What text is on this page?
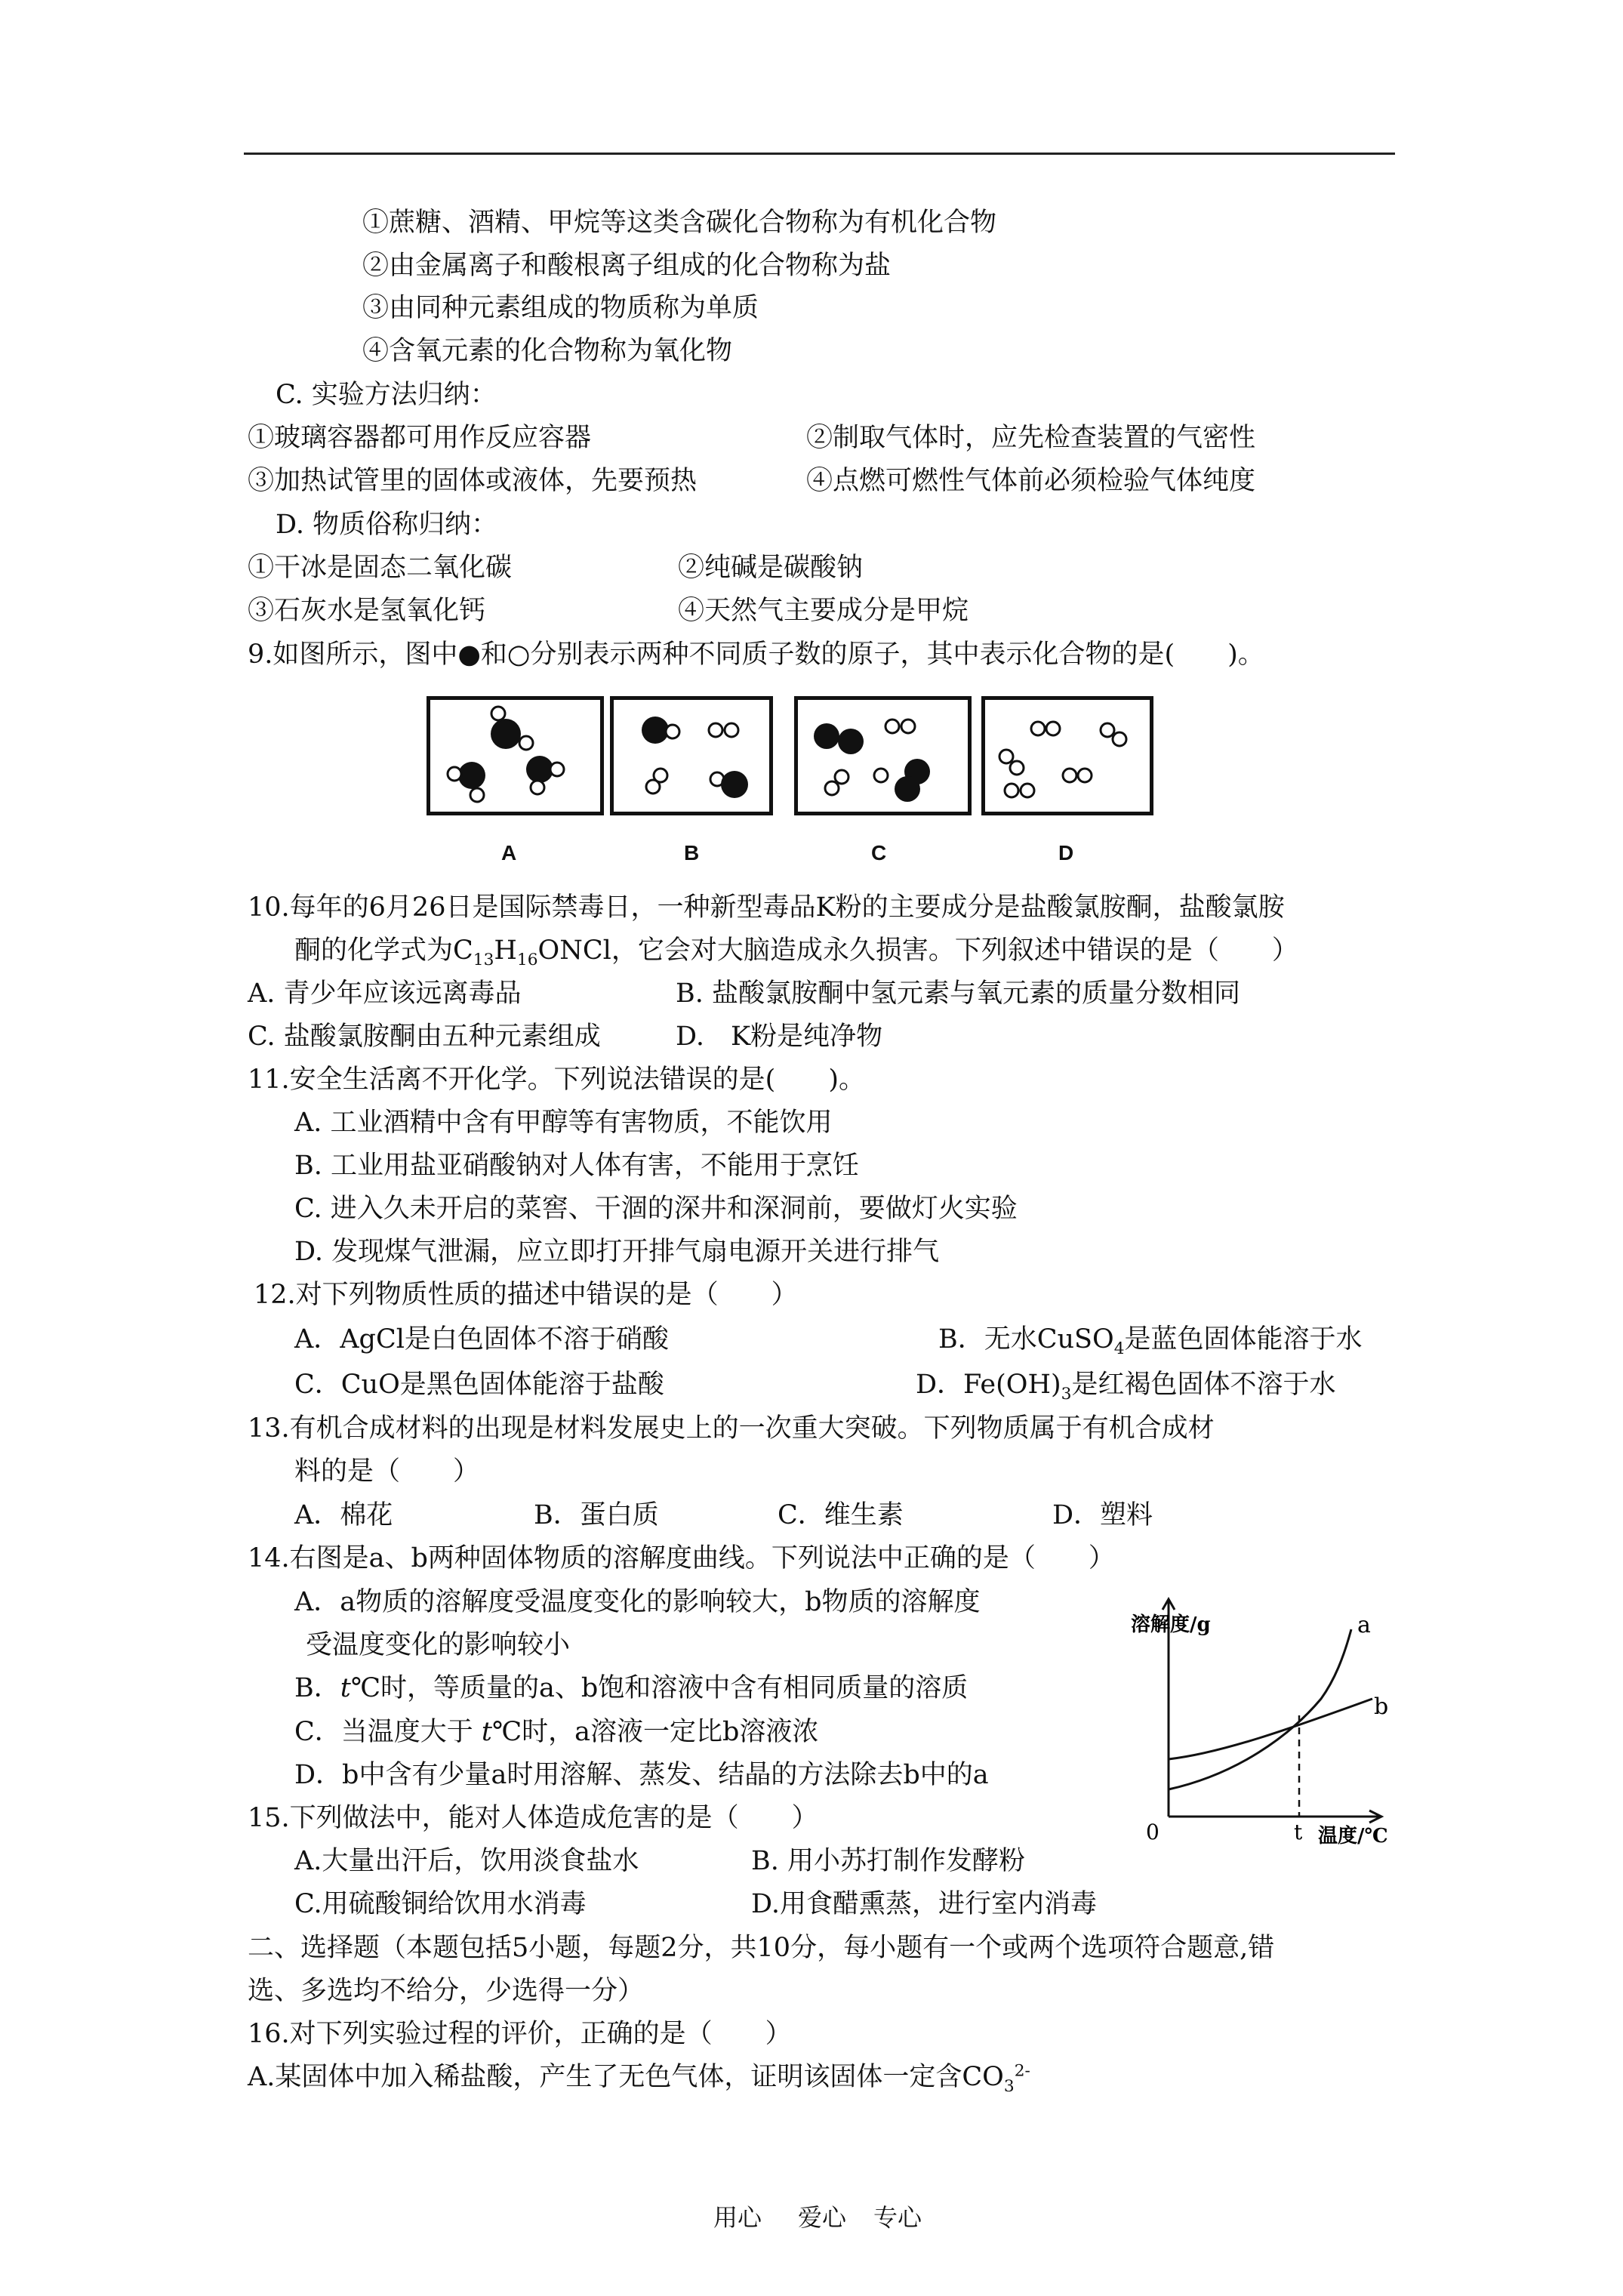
①蔗糖、酒精、甲烷等这类含碳化合物称为有机化合物
②由金属离子和酸根离子组成的化合物称为盐
③由同种元素组成的物质称为单质
④含氧元素的化合物称为氧化物
C. 实验方法归纳：
①玻璃容器都可用作反应容器	②制取气体时，应先检查装置的气密性
③加热试管里的固体或液体，先要预热	④点燃可燃性气体前必须检验气体纯度
D. 物质俗称归纳：
①干冰是固态二氧化碳	②纯碱是碳酸钠
③石灰水是氢氧化钙	④天然气主要成分是甲烷
9.如图所示，图中●和○分别表示两种不同质子数的原子，其中表示化合物的是(　　)。
A	B	C	D
10.每年的6月26日是国际禁毒日，一种新型毒品K粉的主要成分是盐酸氯胺酮，盐酸氯胺
酮的化学式为$C_{13}H_{16}ONCl$，它会对大脑造成永久损害。下列叙述中错误的是（　　）
A. 青少年应该远离毒品	B. 盐酸氯胺酮中氢元素与氧元素的质量分数相同
C. 盐酸氯胺酮由五种元素组成	D.　K粉是纯净物
11.安全生活离不开化学。下列说法错误的是(　　)。
A. 工业酒精中含有甲醇等有害物质，不能饮用
B. 工业用盐亚硝酸钠对人体有害，不能用于烹饪
C. 进入久未开启的菜窖、干涸的深井和深洞前，要做灯火实验
D. 发现煤气泄漏，应立即打开排气扇电源开关进行排气
12.对下列物质性质的描述中错误的是（　　）
A．AgCl是白色固体不溶于硝酸	B．无水CuSO$_4$是蓝色固体能溶于水
C．CuO是黑色固体能溶于盐酸	D．$Fe(OH)_3$是红褐色固体不溶于水
13.有机合成材料的出现是材料发展史上的一次重大突破。下列物质属于有机合成材
料的是（　　）
A．棉花	B．蛋白质	C．维生素	D．塑料
14.右图是a、b两种固体物质的溶解度曲线。下列说法中正确的是（　　）
A．a物质的溶解度受温度变化的影响较大，b物质的溶解度
受温度变化的影响较小
B．t℃时，等质量的a、b饱和溶液中含有相同质量的溶质
C．当温度大于 t℃时，a溶液一定比b溶液浓
D．b中含有少量a时用溶解、蒸发、结晶的方法除去b中的a
溶解度/g	a
b
0	t 温度/℃
15.下列做法中，能对人体造成危害的是（　　）
A.大量出汗后，饮用淡食盐水	B. 用小苏打制作发酵粉
C.用硫酸铜给饮用水消毒	D.用食醋熏蒸，进行室内消毒
二、选择题（本题包括5小题，每题2分，共10分，每小题有一个或两个选项符合题意,错
选、多选均不给分，少选得一分）
16.对下列实验过程的评价，正确的是（　　）
A.某固体中加入稀盐酸，产生了无色气体，证明该固体一定含$CO_3^{2-}$
用心 爱心 专心
